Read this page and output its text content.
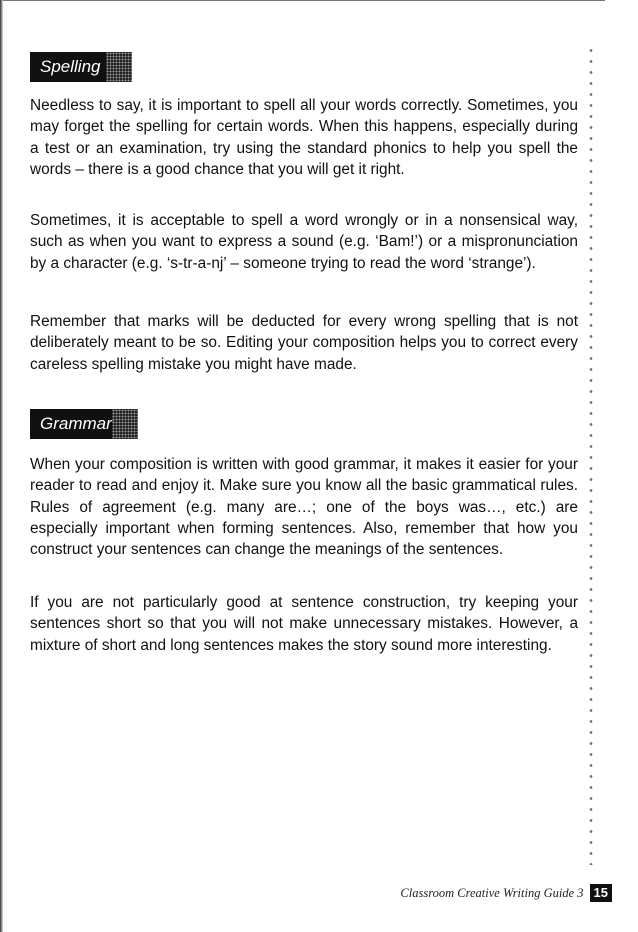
Spelling

Needless to say, it is important to spell all your words correctly. Sometimes, you may forget the spelling for certain words. When this happens, especially during a test or an examination, try using the standard phonics to help you spell the words – there is a good chance that you will get it right.

Sometimes, it is acceptable to spell a word wrongly or in a nonsensical way, such as when you want to express a sound (e.g. ‘Bam!’) or a mispronunciation by a character (e.g. ‘s-tr-a-nj’ – someone trying to read the word ‘strange’).

Remember that marks will be deducted for every wrong spelling that is not deliberately meant to be so. Editing your composition helps you to correct every careless spelling mistake you might have made.

Grammar

When your composition is written with good grammar, it makes it easier for your reader to read and enjoy it. Make sure you know all the basic grammatical rules. Rules of agreement (e.g. many are…; one of the boys was…, etc.) are especially important when forming sentences. Also, remember that how you construct your sentences can change the meanings of the sentences.

If you are not particularly good at sentence construction, try keeping your sentences short so that you will not make unnecessary mistakes. However, a mixture of short and long sentences makes the story sound more interesting.

Classroom Creative Writing Guide 3 15
